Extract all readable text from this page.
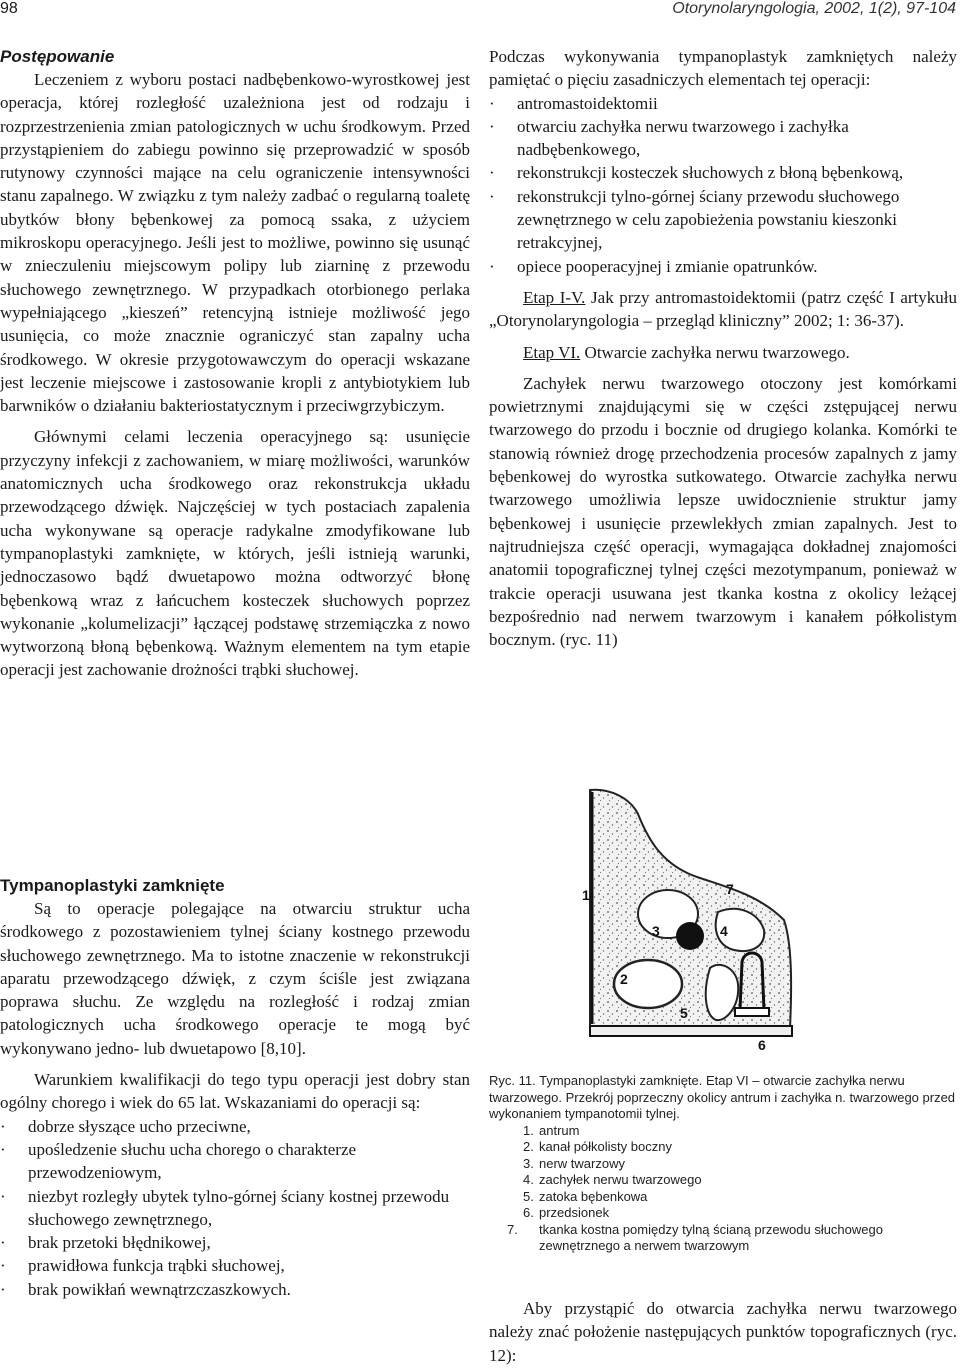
98	Otorynolaryngologia, 2002, 1(2), 97-104
Postępowanie

Leczeniem z wyboru postaci nadbębenkowo-wyrostkowej jest operacja, której rozległość uzależniona jest od rodzaju i rozprzestrzenienia zmian patologicznych w uchu środkowym. Przed przystąpieniem do zabiegu powinno się przeprowadzić w sposób rutynowy czynności mające na celu ograniczenie intensywności stanu zapalnego. W związku z tym należy zadbać o regularną toaletę ubytków błony bębenkowej za pomocą ssaka, z użyciem mikroskopu operacyjnego. Jeśli jest to możliwe, powinno się usunąć w znieczuleniu miejscowym polipy lub ziarninę z przewodu słuchowego zewnętrznego. W przypadkach otorbionego perlaka wypełniającego „kieszeń” retencyjną istnieje możliwość jego usunięcia, co może znacznie ograniczyć stan zapalny ucha środkowego. W okresie przygotowawczym do operacji wskazane jest leczenie miejscowe i zastosowanie kropli z antybiotykiem lub barwników o działaniu bakteriostatycznym i przeciwgrzybiczym.

Głównymi celami leczenia operacyjnego są: usunięcie przyczyny infekcji z zachowaniem, w miarę możliwości, warunków anatomicznych ucha środkowego oraz rekonstrukcja układu przewodzącego dźwięk. Najczęściej w tych postaciach zapalenia ucha wykonywane są operacje radykalne zmodyfikowane lub tympanoplastyki zamknięte, w których, jeśli istnieją warunki, jednoczasowo bądź dwuetapowo można odtworzyć błonę bębenkową wraz z łańcuchem kosteczek słuchowych poprzez wykonanie „kolumelizacji” łączącej podstawę strzemiączka z nowo wytworzoną błoną bębenkową. Ważnym elementem na tym etapie operacji jest zachowanie drożności trąbki słuchowej.

Tympanoplastyki zamknięte

Są to operacje polegające na otwarciu struktur ucha środkowego z pozostawieniem tylnej ściany kostnego przewodu słuchowego zewnętrznego. Ma to istotne znaczenie w rekonstrukcji aparatu przewodzącego dźwięk, z czym ściśle jest związana poprawa słuchu. Ze względu na rozległość i rodzaj zmian patologicznych ucha środkowego operacje te mogą być wykonywano jedno- lub dwuetapowo [8,10].

Warunkiem kwalifikacji do tego typu operacji jest dobry stan ogólny chorego i wiek do 65 lat. Wskazaniami do operacji są:

· dobrze słyszące ucho przeciwne,
· upośledzenie słuchu ucha chorego o charakterze przewodzeniowym,
· niezbyt rozległy ubytek tylno-górnej ściany kostnej przewodu słuchowego zewnętrznego,
· brak przetoki błędnikowej,
· prawidłowa funkcja trąbki słuchowej,
· brak powikłań wewnątrzczaszkowych.

Podczas wykonywania tympanoplastyk zamkniętych należy pamiętać o pięciu zasadniczych elementach tej operacji:

· antromastoidektomii
· otwarciu zachyłka nerwu twarzowego i zachyłka nadbębenkowego,
· rekonstrukcji kosteczek słuchowych z błoną bębenkową,
· rekonstrukcji tylno-górnej ściany przewodu słuchowego zewnętrznego w celu zapobieżenia powstaniu kieszonki retrakcyjnej,
· opiece pooperacyjnej i zmianie opatrunków.

Etap I-V. Jak przy antromastoidektomii (patrz część I artykułu „Otorynolaryngologia – przegląd kliniczny” 2002; 1: 36-37).

Etap VI. Otwarcie zachyłka nerwu twarzowego.

Zachyłek nerwu twarzowego otoczony jest komórkami powietrznymi znajdującymi się w części zstępującej nerwu twarzowego do przodu i bocznie od drugiego kolanka. Komórki te stanowią również drogę przechodzenia procesów zapalnych z jamy bębenkowej do wyrostka sutkowatego. Otwarcie zachyłka nerwu twarzowego umożliwia lepsze uwidocznienie struktur jamy bębenkowej i usunięcie przewlekłych zmian zapalnych. Jest to najtrudniejsza część operacji, wymagająca dokładnej znajomości anatomii topograficznej tylnej części mezotympanum, ponieważ w trakcie operacji usuwana jest tkanka kostna z okolicy leżącej bezpośrednio nad nerwem twarzowym i kanałem półkolistym bocznym. (ryc. 11)

1
2
3	4
5
6
7

Ryc. 11. Tympanoplastyki zamknięte. Etap VI – otwarcie zachyłka nerwu twarzowego. Przekrój poprzeczny okolicy antrum i zachyłka n. twarzowego przed wykonaniem tympanotomii tylnej.

1. antrum
2. kanał półkolisty boczny
3. nerw twarzowy
4. zachyłek nerwu twarzowego
5. zatoka bębenkowa
6. przedsionek
7. tkanka kostna pomiędzy tylną ścianą przewodu słuchowego zewnętrznego a nerwem twarzowym

Aby przystąpić do otwarcia zachyłka nerwu twarzowego należy znać położenie następujących punktów topograficznych (ryc. 12):
